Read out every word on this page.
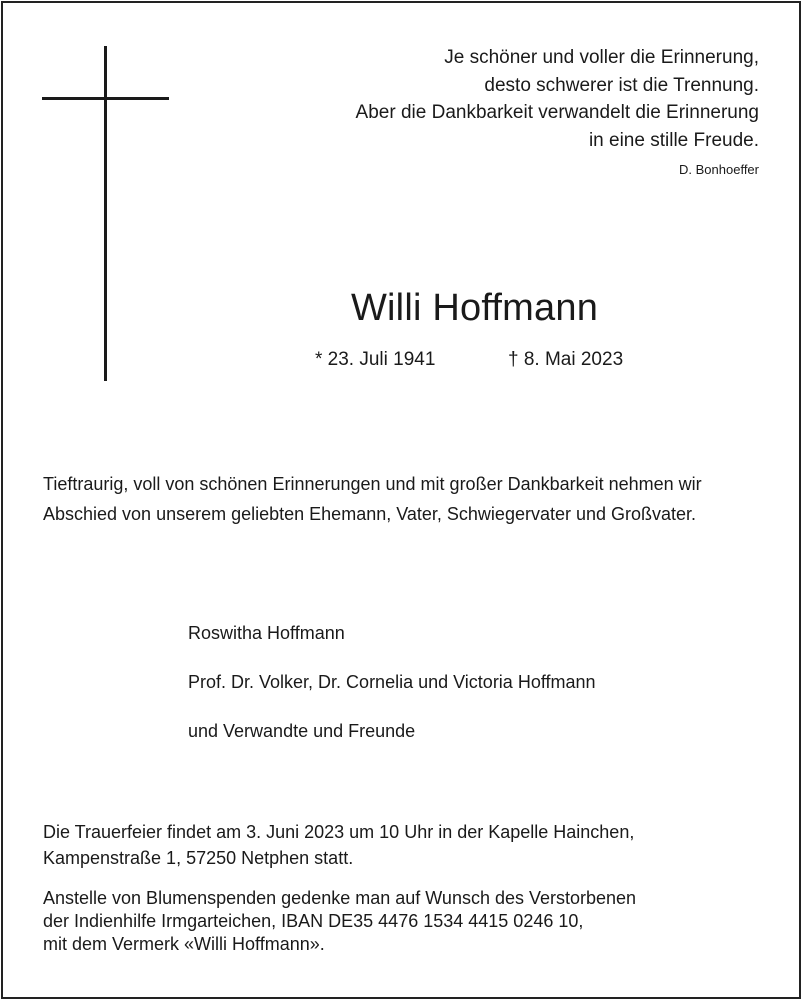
Je schöner und voller die Erinnerung,
desto schwerer ist die Trennung.
Aber die Dankbarkeit verwandelt die Erinnerung
in eine stille Freude.
D. Bonhoeffer
Willi Hoffmann
* 23. Juli 1941	† 8. Mai 2023
Tieftraurig, voll von schönen Erinnerungen und mit großer Dankbarkeit nehmen wir
Abschied von unserem geliebten Ehemann, Vater, Schwiegervater und Großvater.
Roswitha Hoffmann
Prof. Dr. Volker, Dr. Cornelia und Victoria Hoffmann
und Verwandte und Freunde
Die Trauerfeier findet am 3. Juni 2023 um 10 Uhr in der Kapelle Hainchen,
Kampenstraße 1, 57250 Netphen statt.
Anstelle von Blumenspenden gedenke man auf Wunsch des Verstorbenen
der Indienhilfe Irmgarteichen, IBAN DE35 4476 1534 4415 0246 10,
mit dem Vermerk «Willi Hoffmann».
